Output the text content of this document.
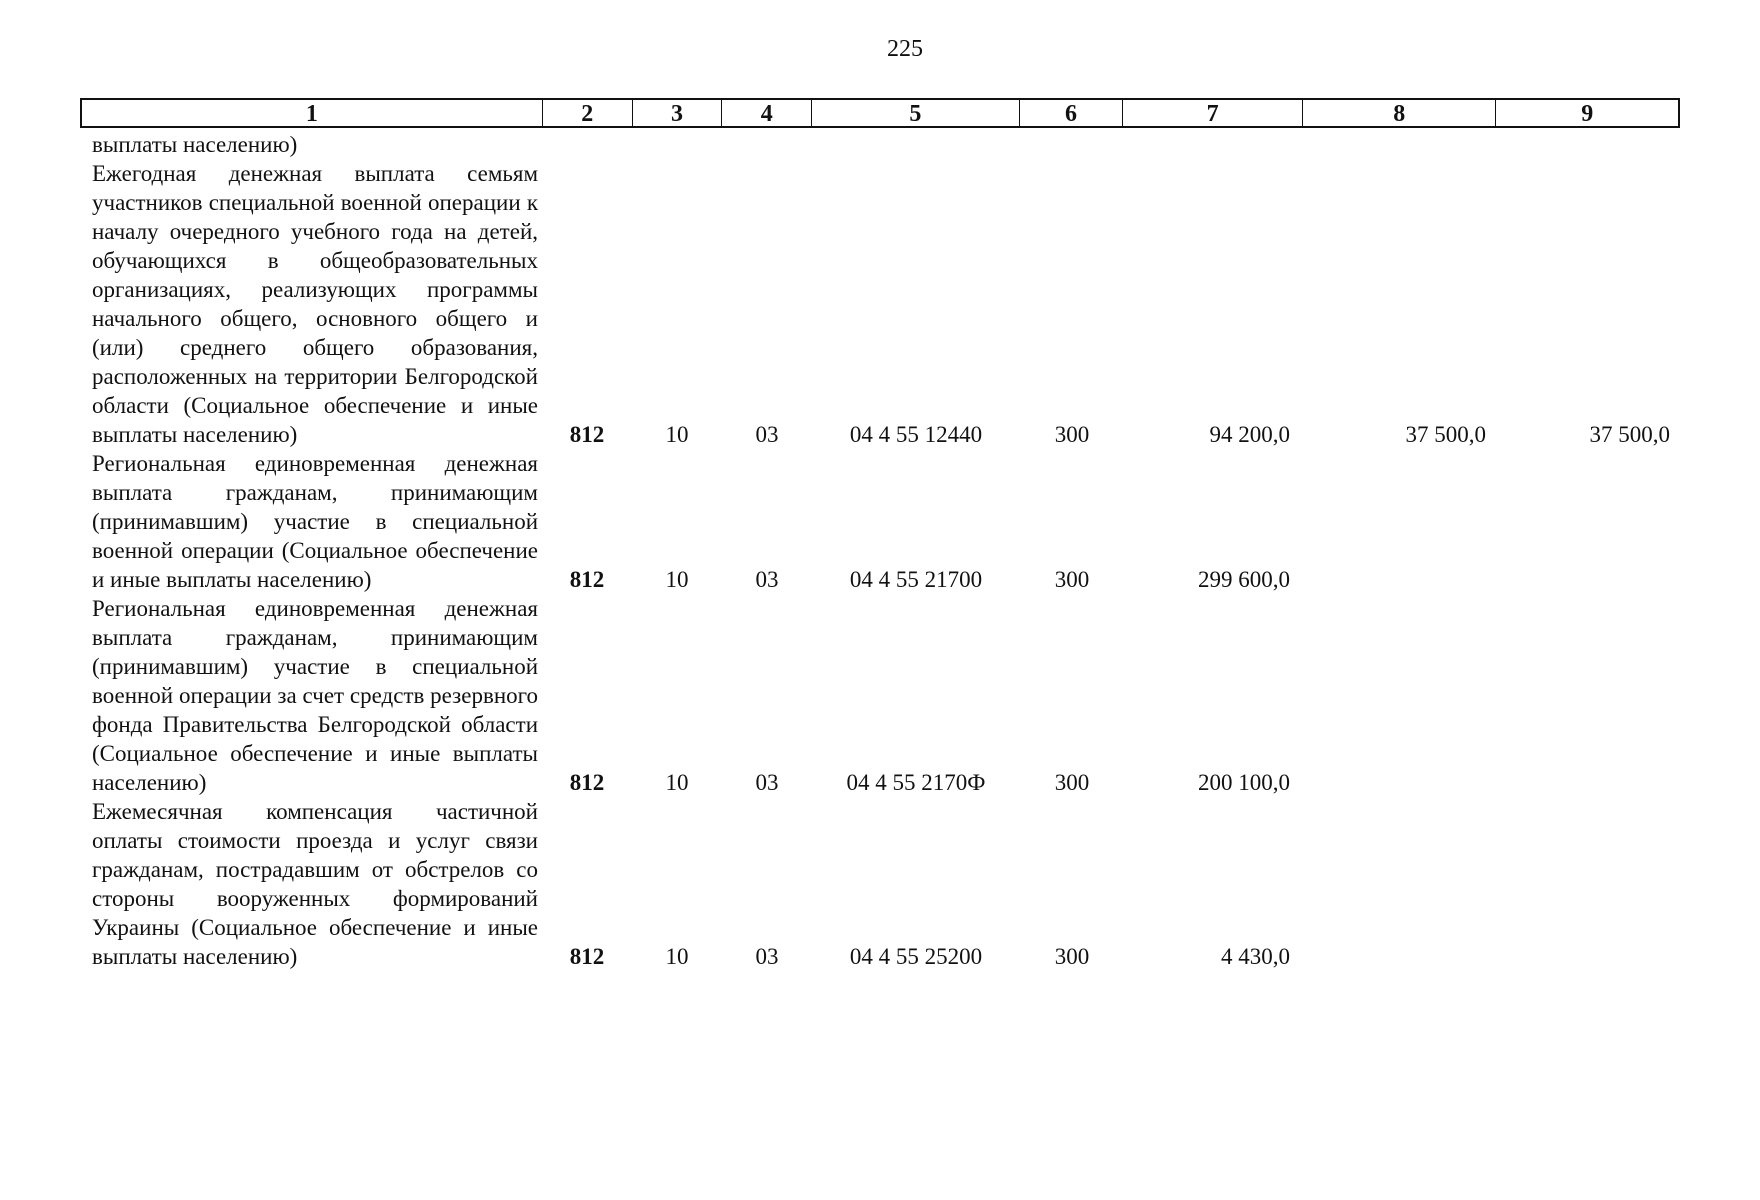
225
1	2	3	4	5	6	7	8	9
выплаты населению)
Ежегодная денежная выплата семьям участников специальной военной операции к началу очередного учебного года на детей, обучающихся в общеобразовательных организациях, реализующих программы начального общего, основного общего и (или) среднего общего образования, расположенных на территории Белгородской области (Социальное обеспечение и иные выплаты населению)	812	10	03	04 4 55 12440	300	94 200,0	37 500,0	37 500,0
Региональная единовременная денежная выплата гражданам, принимающим (принимавшим) участие в специальной военной операции (Социальное обеспечение и иные выплаты населению)	812	10	03	04 4 55 21700	300	299 600,0
Региональная единовременная денежная выплата гражданам, принимающим (принимавшим) участие в специальной военной операции за счет средств резервного фонда Правительства Белгородской области (Социальное обеспечение и иные выплаты населению)	812	10	03	04 4 55 2170Ф	300	200 100,0
Ежемесячная компенсация частичной оплаты стоимости проезда и услуг связи гражданам, пострадавшим от обстрелов со стороны вооруженных формирований Украины (Социальное обеспечение и иные выплаты населению)	812	10	03	04 4 55 25200	300	4 430,0
